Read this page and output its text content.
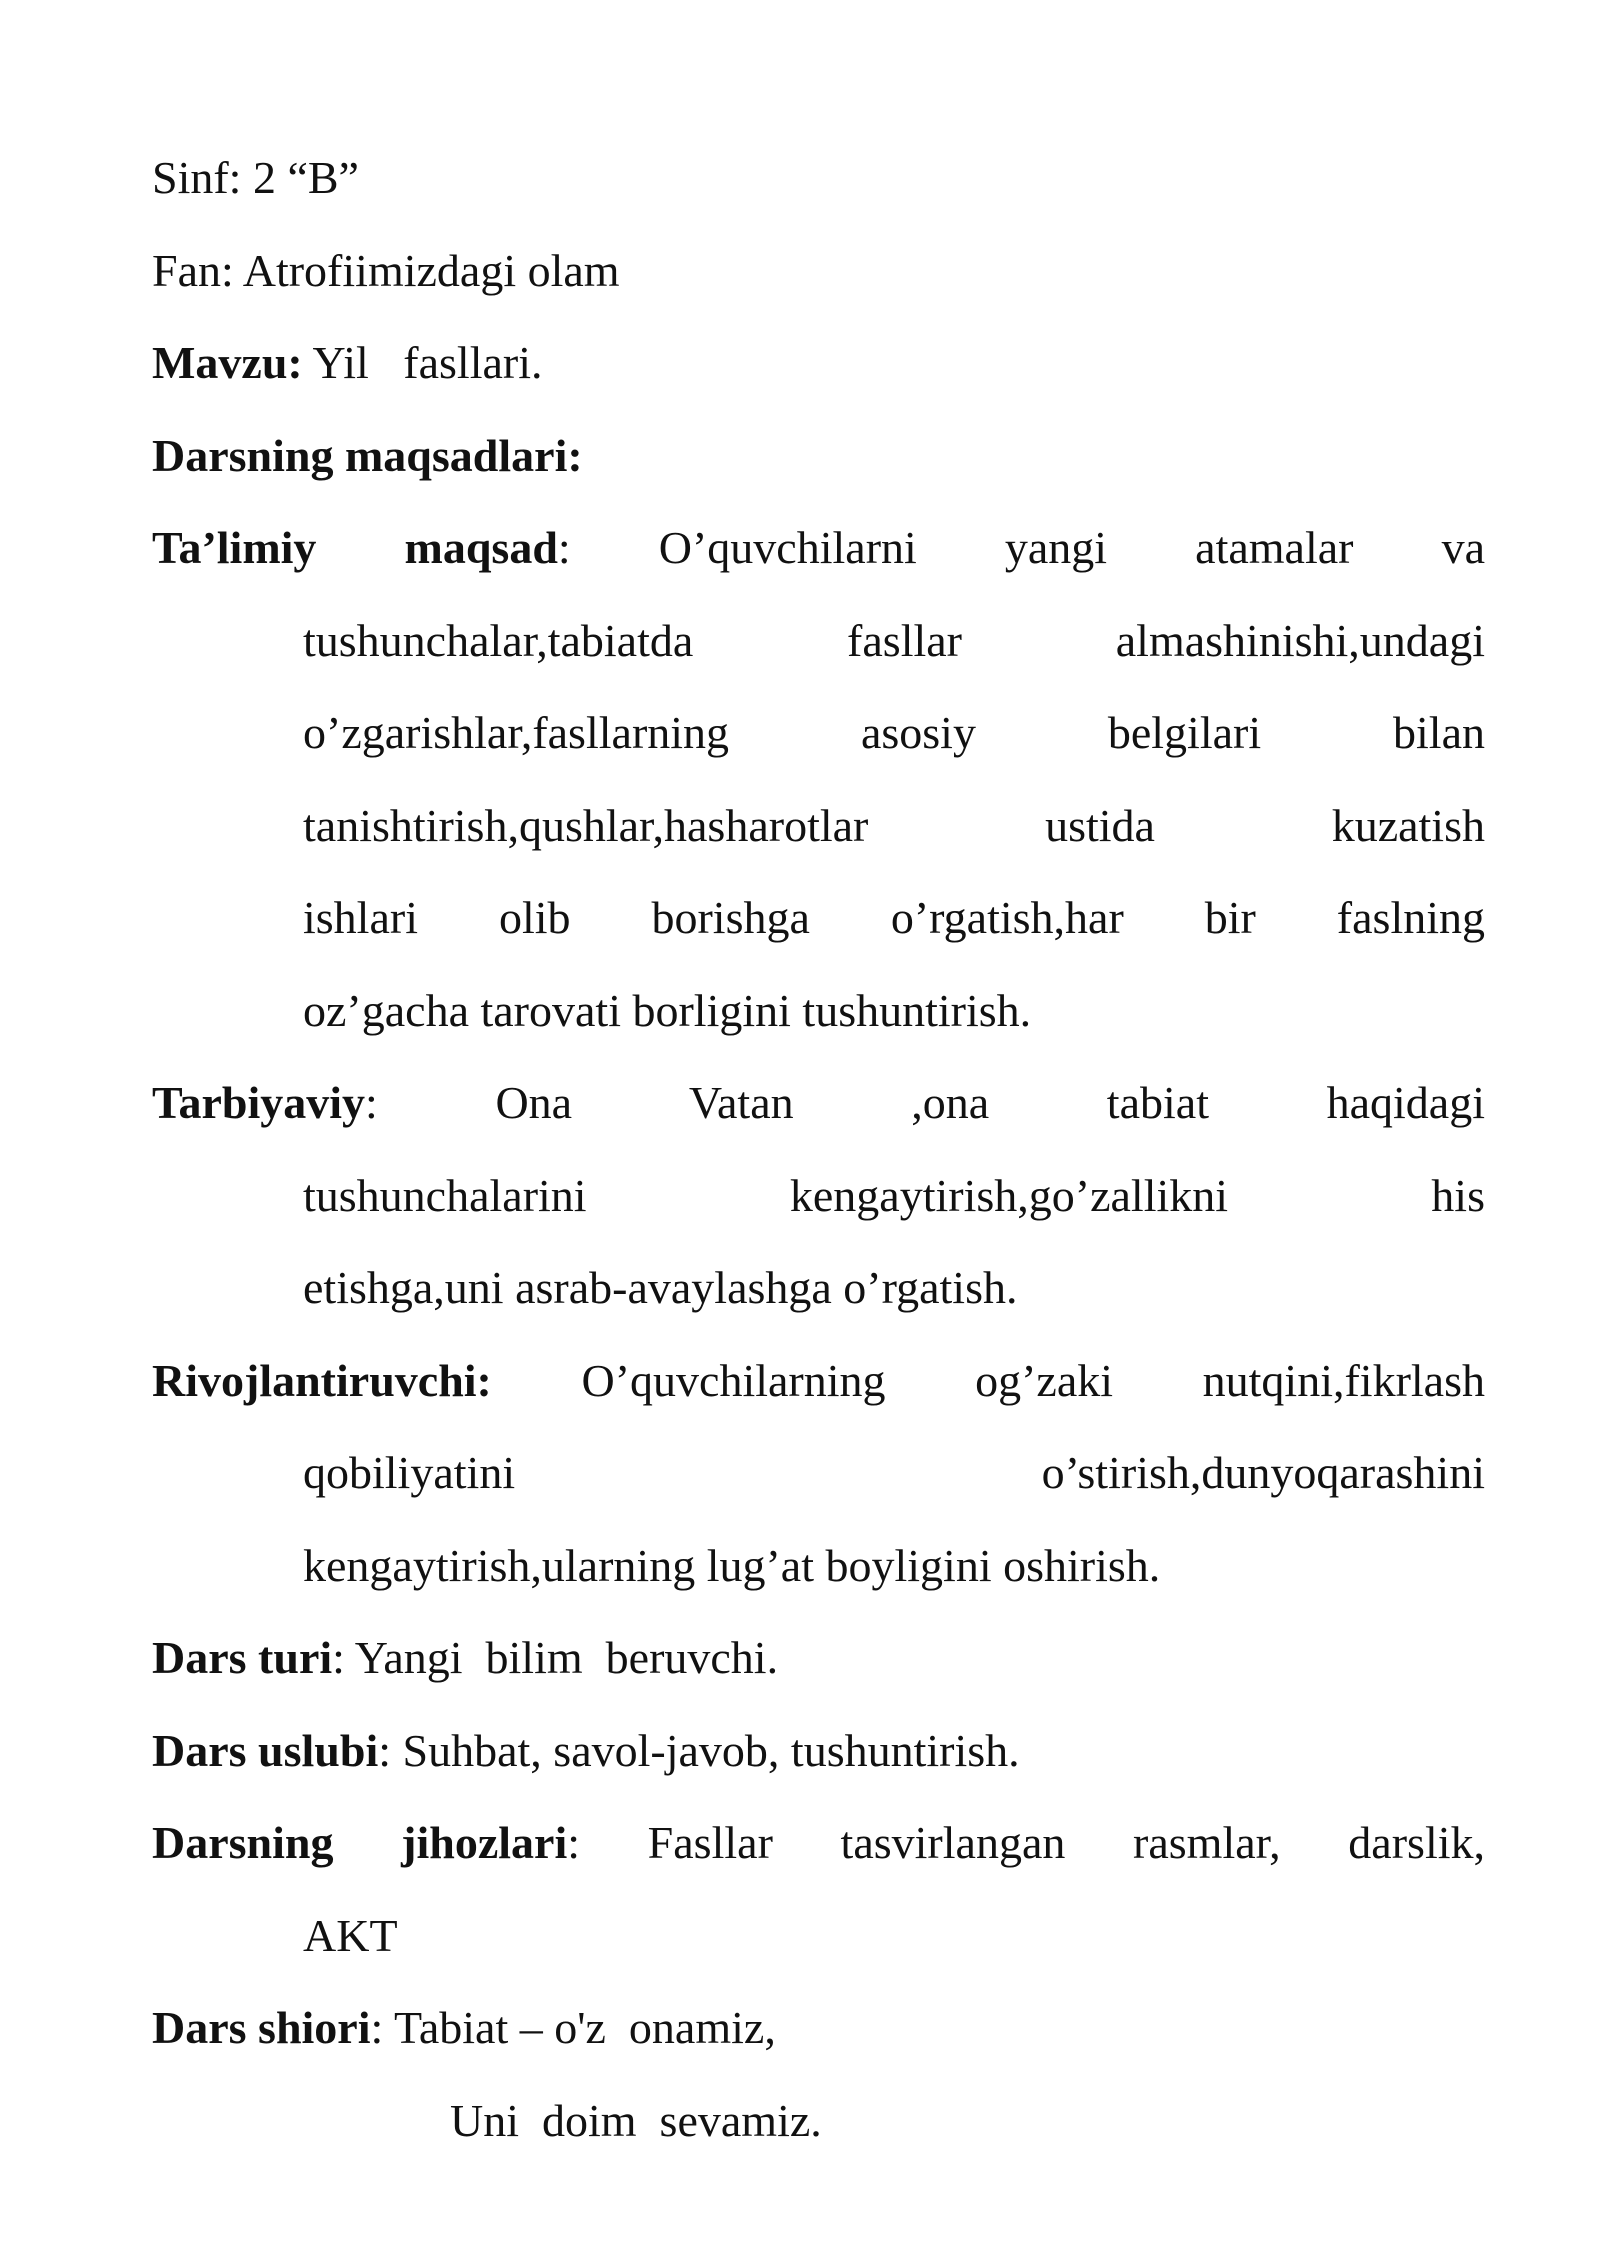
Sinf: 2 “B”
Fan: Atrofiimizdagi olam
Mavzu: Yil   fasllari.
Darsning maqsadlari:
Ta’limiy maqsad: O’quvchilarni yangi atamalar va
tushunchalar,tabiatda fasllar almashinishi,undagi
o’zgarishlar,fasllarning asosiy belgilari bilan
tanishtirish,qushlar,hasharotlar ustida kuzatish
ishlari olib borishga o’rgatish,har bir faslning
oz’gacha tarovati borligini tushuntirish.
Tarbiyaviy: Ona Vatan ,ona tabiat haqidagi
tushunchalarini kengaytirish,go’zallikni his
etishga,uni asrab-avaylashga o’rgatish.
Rivojlantiruvchi: O’quvchilarning og’zaki nutqini,fikrlash
qobiliyatini o’stirish,dunyoqarashini
kengaytirish,ularning lug’at boyligini oshirish.
Dars turi: Yangi  bilim  beruvchi.
Dars uslubi: Suhbat, savol-javob, tushuntirish.
Darsning jihozlari: Fasllar tasvirlangan rasmlar, darslik,
AKT
Dars shiori: Tabiat – o'z  onamiz,
Uni  doim  sevamiz.
